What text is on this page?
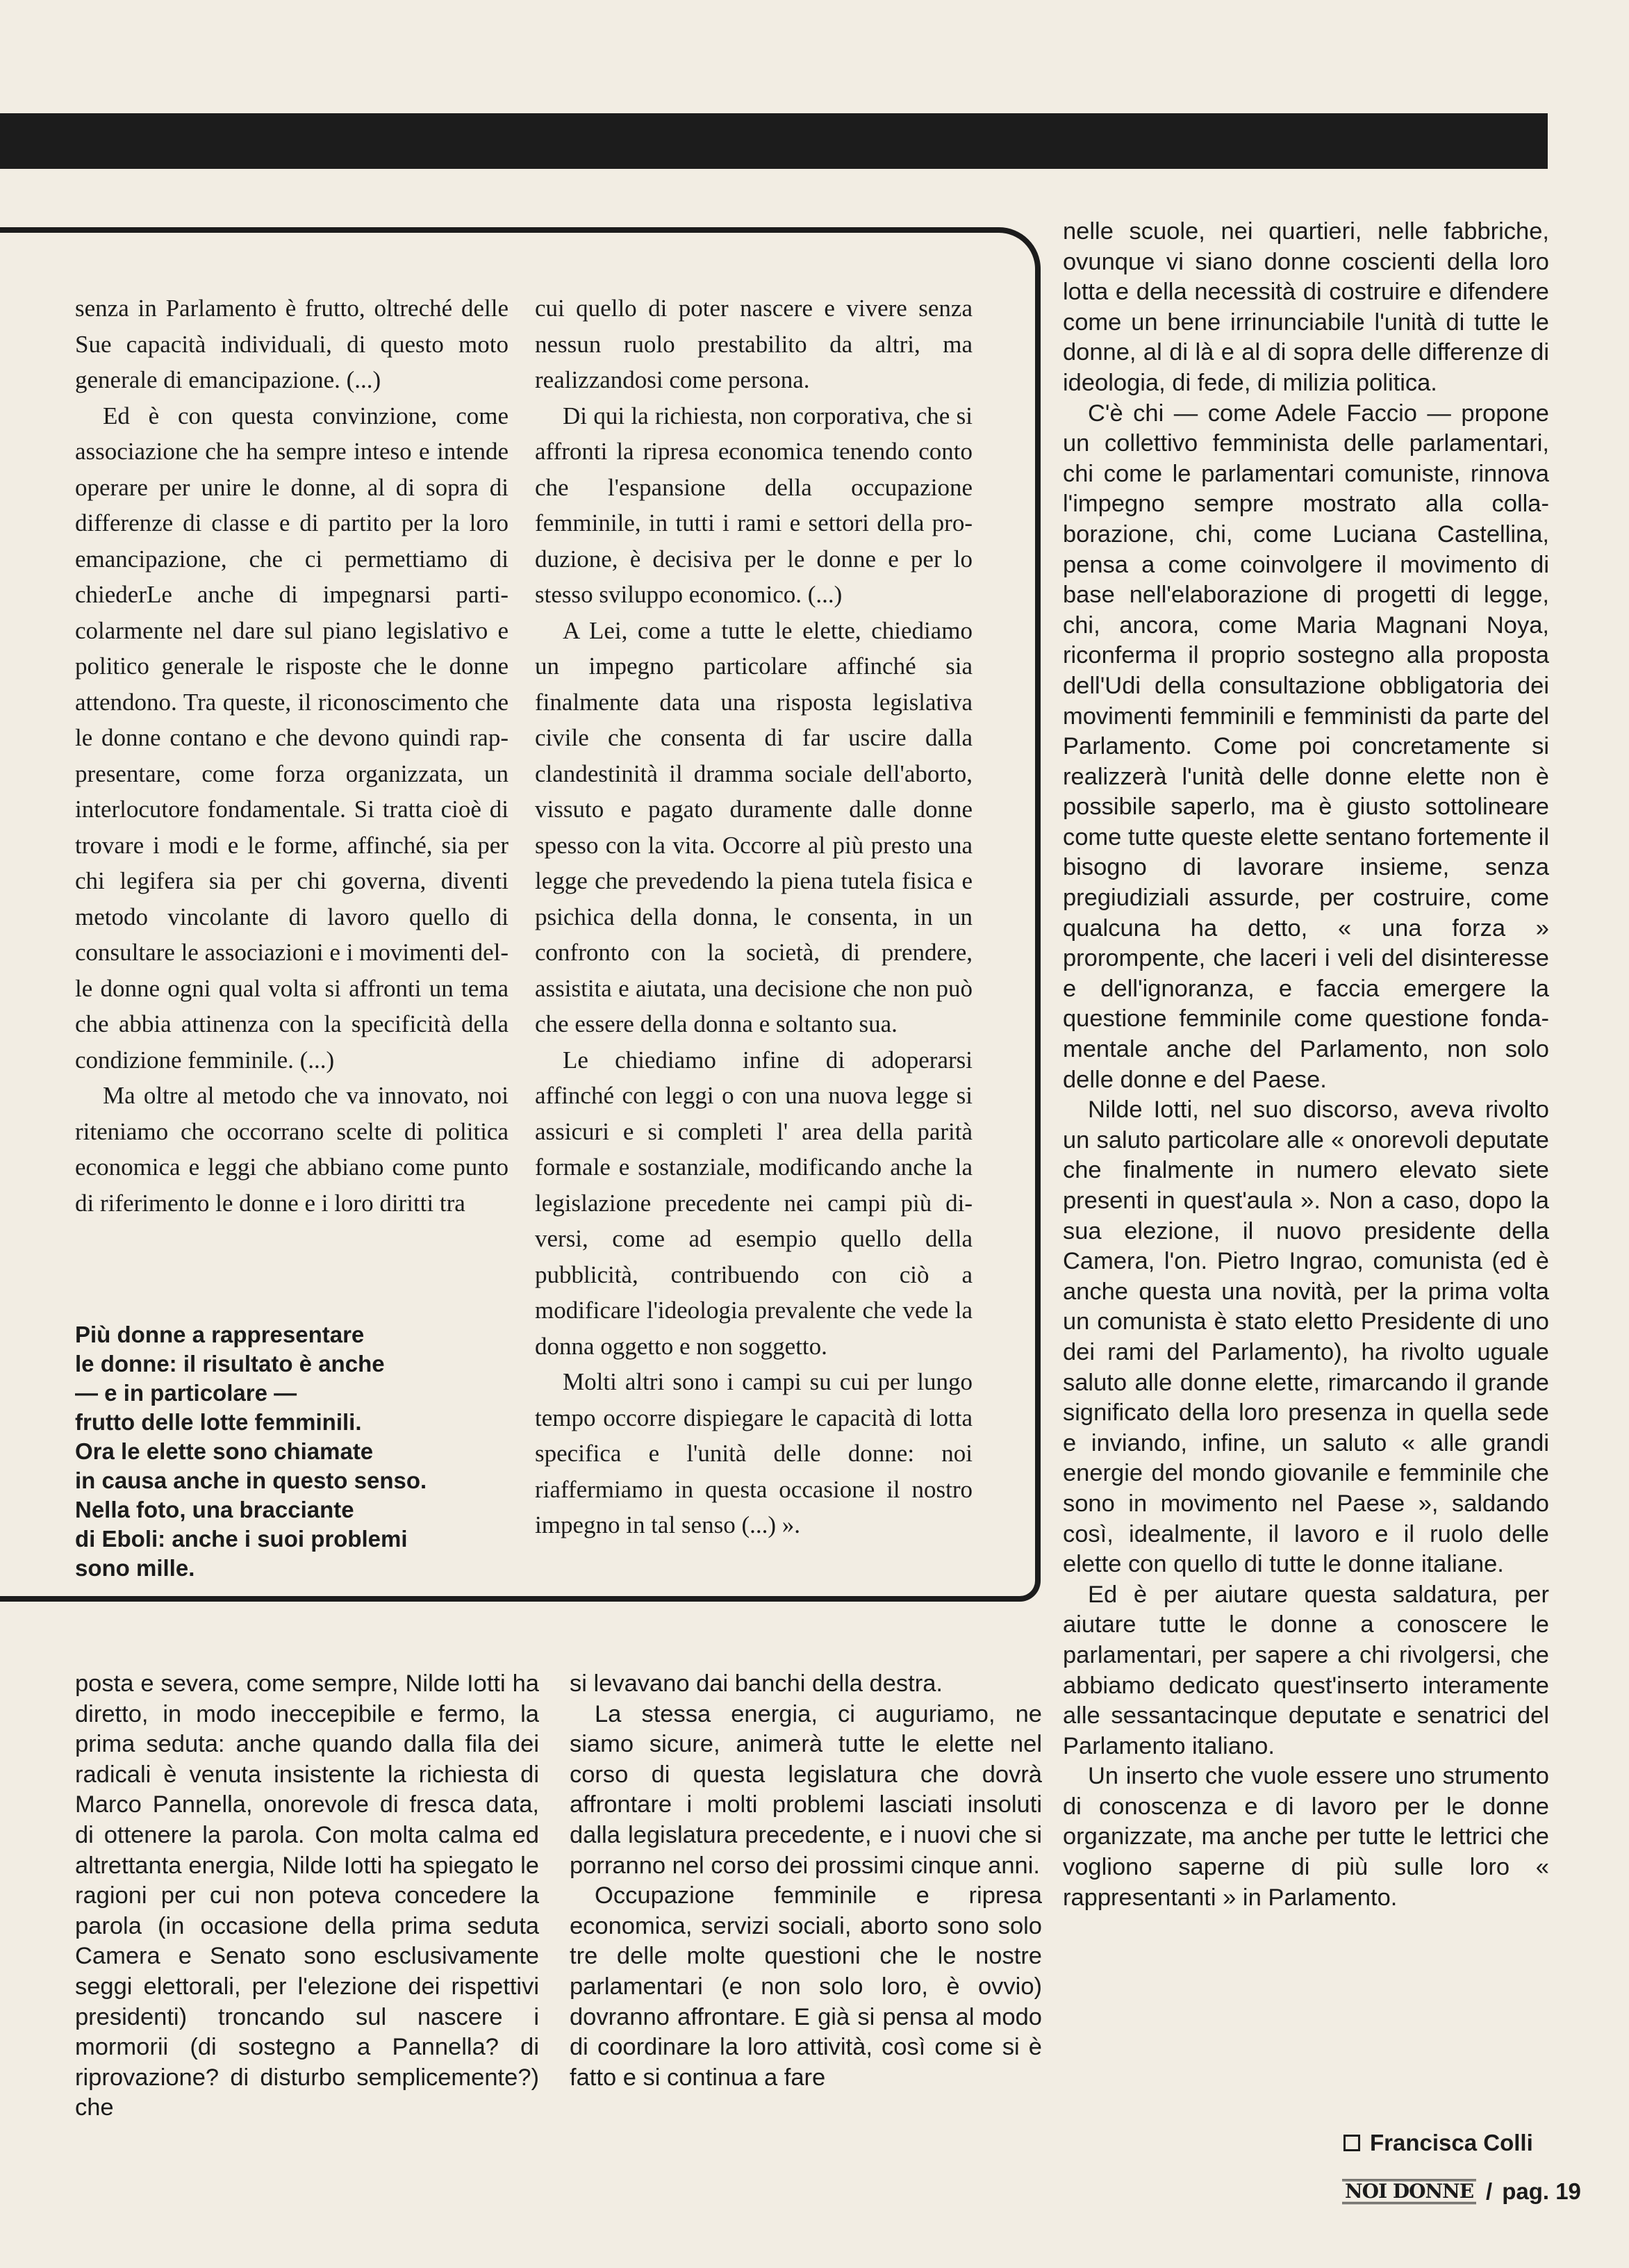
senza in Parlamento è frutto, oltreché delle Sue capacità individuali, di questo moto generale di emancipazione. (...)

Ed è con questa convinzione, come associazione che ha sempre inteso e intende operare per unire le donne, al di sopra di differenze di classe e di partito per la loro emancipazione, che ci permettiamo di chiederLe anche di impegnarsi particolarmente nel dare sul piano legislativo e politico generale le risposte che le donne attendono. Tra queste, il riconoscimento che le donne contano e che devono quindi rappresentare, come forza organizzata, un interlocutore fondamentale. Si tratta cioè di trovare i modi e le forme, affinché, sia per chi legifera sia per chi governa, diventi metodo vincolante di lavoro quello di consultare le associazioni e i movimenti delle donne ogni qual volta si affronti un tema che abbia attinenza con la specificità della condizione femminile. (...)

Ma oltre al metodo che va innovato, noi riteniamo che occorrano scelte di politica economica e leggi che abbiano come punto di riferimento le donne e i loro diritti tra

Più donne a rappresentare
le donne: il risultato è anche
— e in particolare —
frutto delle lotte femminili.
Ora le elette sono chiamate
in causa anche in questo senso.
Nella foto, una bracciante
di Eboli: anche i suoi problemi
sono mille.

cui quello di poter nascere e vivere senza nessun ruolo prestabilito da altri, ma realizzandosi come persona.

Di qui la richiesta, non corporativa, che si affronti la ripresa economica tenendo conto che l'espansione della occupazione femminile, in tutti i rami e settori della produzione, è decisiva per le donne e per lo stesso sviluppo economico. (...)

A Lei, come a tutte le elette, chiediamo un impegno particolare affinché sia finalmente data una risposta legislativa civile che consenta di far uscire dalla clandestinità il dramma sociale dell'aborto, vissuto e pagato duramente dalle donne spesso con la vita. Occorre al più presto una legge che prevedendo la piena tutela fisica e psichica della donna, le consenta, in un confronto con la società, di prendere, assistita e aiutata, una decisione che non può che essere della donna e soltanto sua.

Le chiediamo infine di adoperarsi affinché con leggi o con una nuova legge si assicuri e si completi l' area della parità formale e sostanziale, modificando anche la legislazione precedente nei campi più diversi, come ad esempio quello della pubblicità, contribuendo con ciò a modificare l'ideologia prevalente che vede la donna oggetto e non soggetto.

Molti altri sono i campi su cui per lungo tempo occorre dispiegare le capacità di lotta specifica e l'unità delle donne: noi riaffermiamo in questa occasione il nostro impegno in tal senso (...) ».

nelle scuole, nei quartieri, nelle fabbriche, ovunque vi siano donne coscienti della loro lotta e della necessità di costruire e difendere come un bene irrinunciabile l'unità di tutte le donne, al di là e al di sopra delle differenze di ideologia, di fede, di milizia politica.

C'è chi — come Adele Faccio — propone un collettivo femminista delle parlamentari, chi come le parlamentari comuniste, rinnova l'impegno sempre mostrato alla collaborazione, chi, come Luciana Castellina, pensa a come coinvolgere il movimento di base nell'elaborazione di progetti di legge, chi, ancora, come Maria Magnani Noya, riconferma il proprio sostegno alla proposta dell'Udi della consultazione obbligatoria dei movimenti femminili e femministi da parte del Parlamento. Come poi concretamente si realizzerà l'unità delle donne elette non è possibile saperlo, ma è giusto sottolineare come tutte queste elette sentano fortemente il bisogno di lavorare insieme, senza pregiudiziali assurde, per costruire, come qualcuna ha detto, « una forza » prorompente, che laceri i veli del disinteresse e dell'ignoranza, e faccia emergere la questione femminile come questione fondamentale anche del Parlamento, non solo delle donne e del Paese.

Nilde Iotti, nel suo discorso, aveva rivolto un saluto particolare alle « onorevoli deputate che finalmente in numero elevato siete presenti in quest'aula ». Non a caso, dopo la sua elezione, il nuovo presidente della Camera, l'on. Pietro Ingrao, comunista (ed è anche questa una novità, per la prima volta un comunista è stato eletto Presidente di uno dei rami del Parlamento), ha rivolto uguale saluto alle donne elette, rimarcando il grande significato della loro presenza in quella sede e inviando, infine, un saluto « alle grandi energie del mondo giovanile e femminile che sono in movimento nel Paese », saldando così, idealmente, il lavoro e il ruolo delle elette con quello di tutte le donne italiane.

Ed è per aiutare questa saldatura, per aiutare tutte le donne a conoscere le parlamentari, per sapere a chi rivolgersi, che abbiamo dedicato quest'inserto interamente alle sessantacinque deputate e senatrici del Parlamento italiano.

Un inserto che vuole essere uno strumento di conoscenza e di lavoro per le donne organizzate, ma anche per tutte le lettrici che vogliono saperne di più sulle loro « rappresentanti » in Parlamento.

posta e severa, come sempre, Nilde Iotti ha diretto, in modo ineccepibile e fermo, la prima seduta: anche quando dalla fila dei radicali è venuta insistente la richiesta di Marco Pannella, onorevole di fresca data, di ottenere la parola. Con molta calma ed altrettanta energia, Nilde Iotti ha spiegato le ragioni per cui non poteva concedere la parola (in occasione della prima seduta Camera e Senato sono esclusivamente seggi elettorali, per l'elezione dei rispettivi presidenti) troncando sul nascere i mormorii (di sostegno a Pannella? di riprovazione? di disturbo semplicemente?) che

si levavano dai banchi della destra.

La stessa energia, ci auguriamo, ne siamo sicure, animerà tutte le elette nel corso di questa legislatura che dovrà affrontare i molti problemi lasciati insoluti dalla legislatura precedente, e i nuovi che si porranno nel corso dei prossimi cinque anni.

Occupazione femminile e ripresa economica, servizi sociali, aborto sono solo tre delle molte questioni che le nostre parlamentari (e non solo loro, è ovvio) dovranno affrontare. E già si pensa al modo di coordinare la loro attività, così come si è fatto e si continua a fare

Francisca Colli
NOI DONNE / pag. 19
